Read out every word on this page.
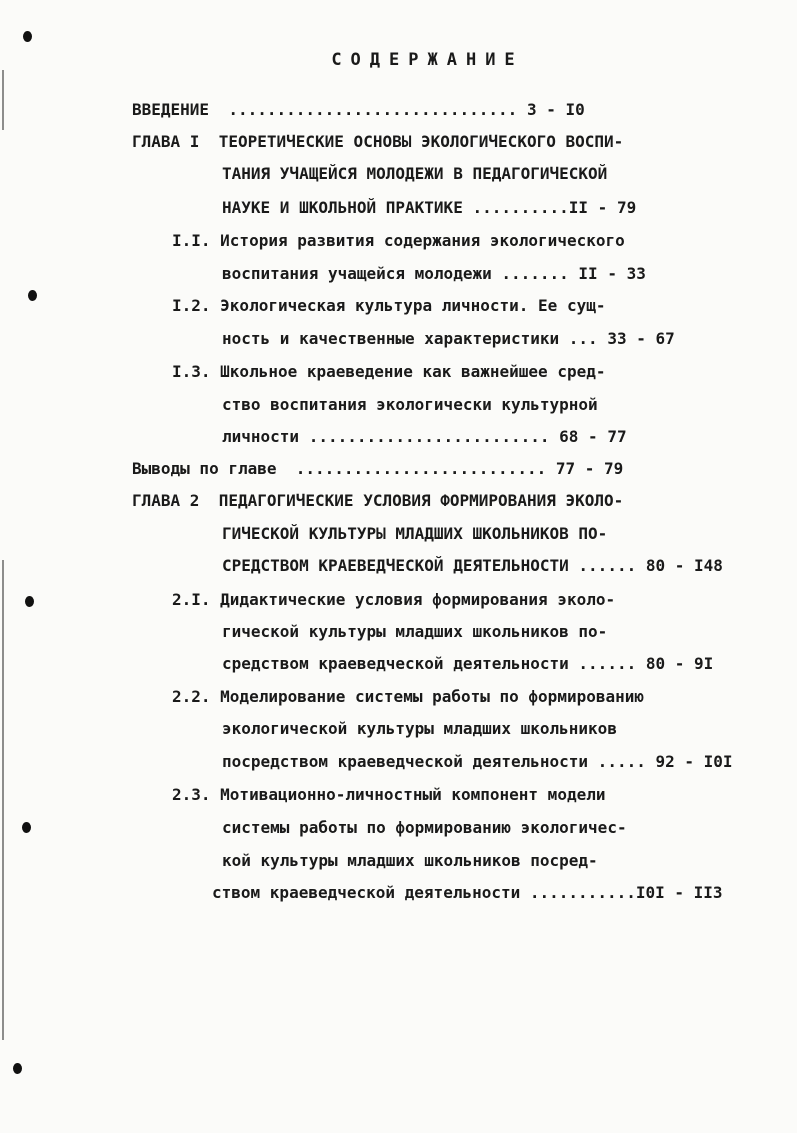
СОДЕРЖАНИЕ
ВВЕДЕНИЕ  .............................. 3 - I0
ГЛАВА I  ТЕОРЕТИЧЕСКИЕ ОСНОВЫ ЭКОЛОГИЧЕСКОГО ВОСПИ-
ТАНИЯ УЧАЩЕЙСЯ МОЛОДЕЖИ В ПЕДАГОГИЧЕСКОЙ
НАУКЕ И ШКОЛЬНОЙ ПРАКТИКЕ ..........II - 79
I.I. История развития содержания экологического
воспитания учащейся молодежи ....... II - 33
I.2. Экологическая культура личности. Ее сущ-
ность и качественные характеристики ... 33 - 67
I.3. Школьное краеведение как важнейшее сред-
ство воспитания экологически культурной
личности ......................... 68 - 77
Выводы по главе  .......................... 77 - 79
ГЛАВА 2  ПЕДАГОГИЧЕСКИЕ УСЛОВИЯ ФОРМИРОВАНИЯ ЭКОЛО-
ГИЧЕСКОЙ КУЛЬТУРЫ МЛАДШИХ ШКОЛЬНИКОВ ПО-
СРЕДСТВОМ КРАЕВЕДЧЕСКОЙ ДЕЯТЕЛЬНОСТИ ...... 80 - I48
2.I. Дидактические условия формирования эколо-
гической культуры младших школьников по-
средством краеведческой деятельности ...... 80 - 9I
2.2. Моделирование системы работы по формированию
экологической культуры младших школьников
посредством краеведческой деятельности ..... 92 - I0I
2.3. Мотивационно-личностный компонент модели
системы работы по формированию экологичес-
кой культуры младших школьников посред-
ством краеведческой деятельности ...........I0I - II3
